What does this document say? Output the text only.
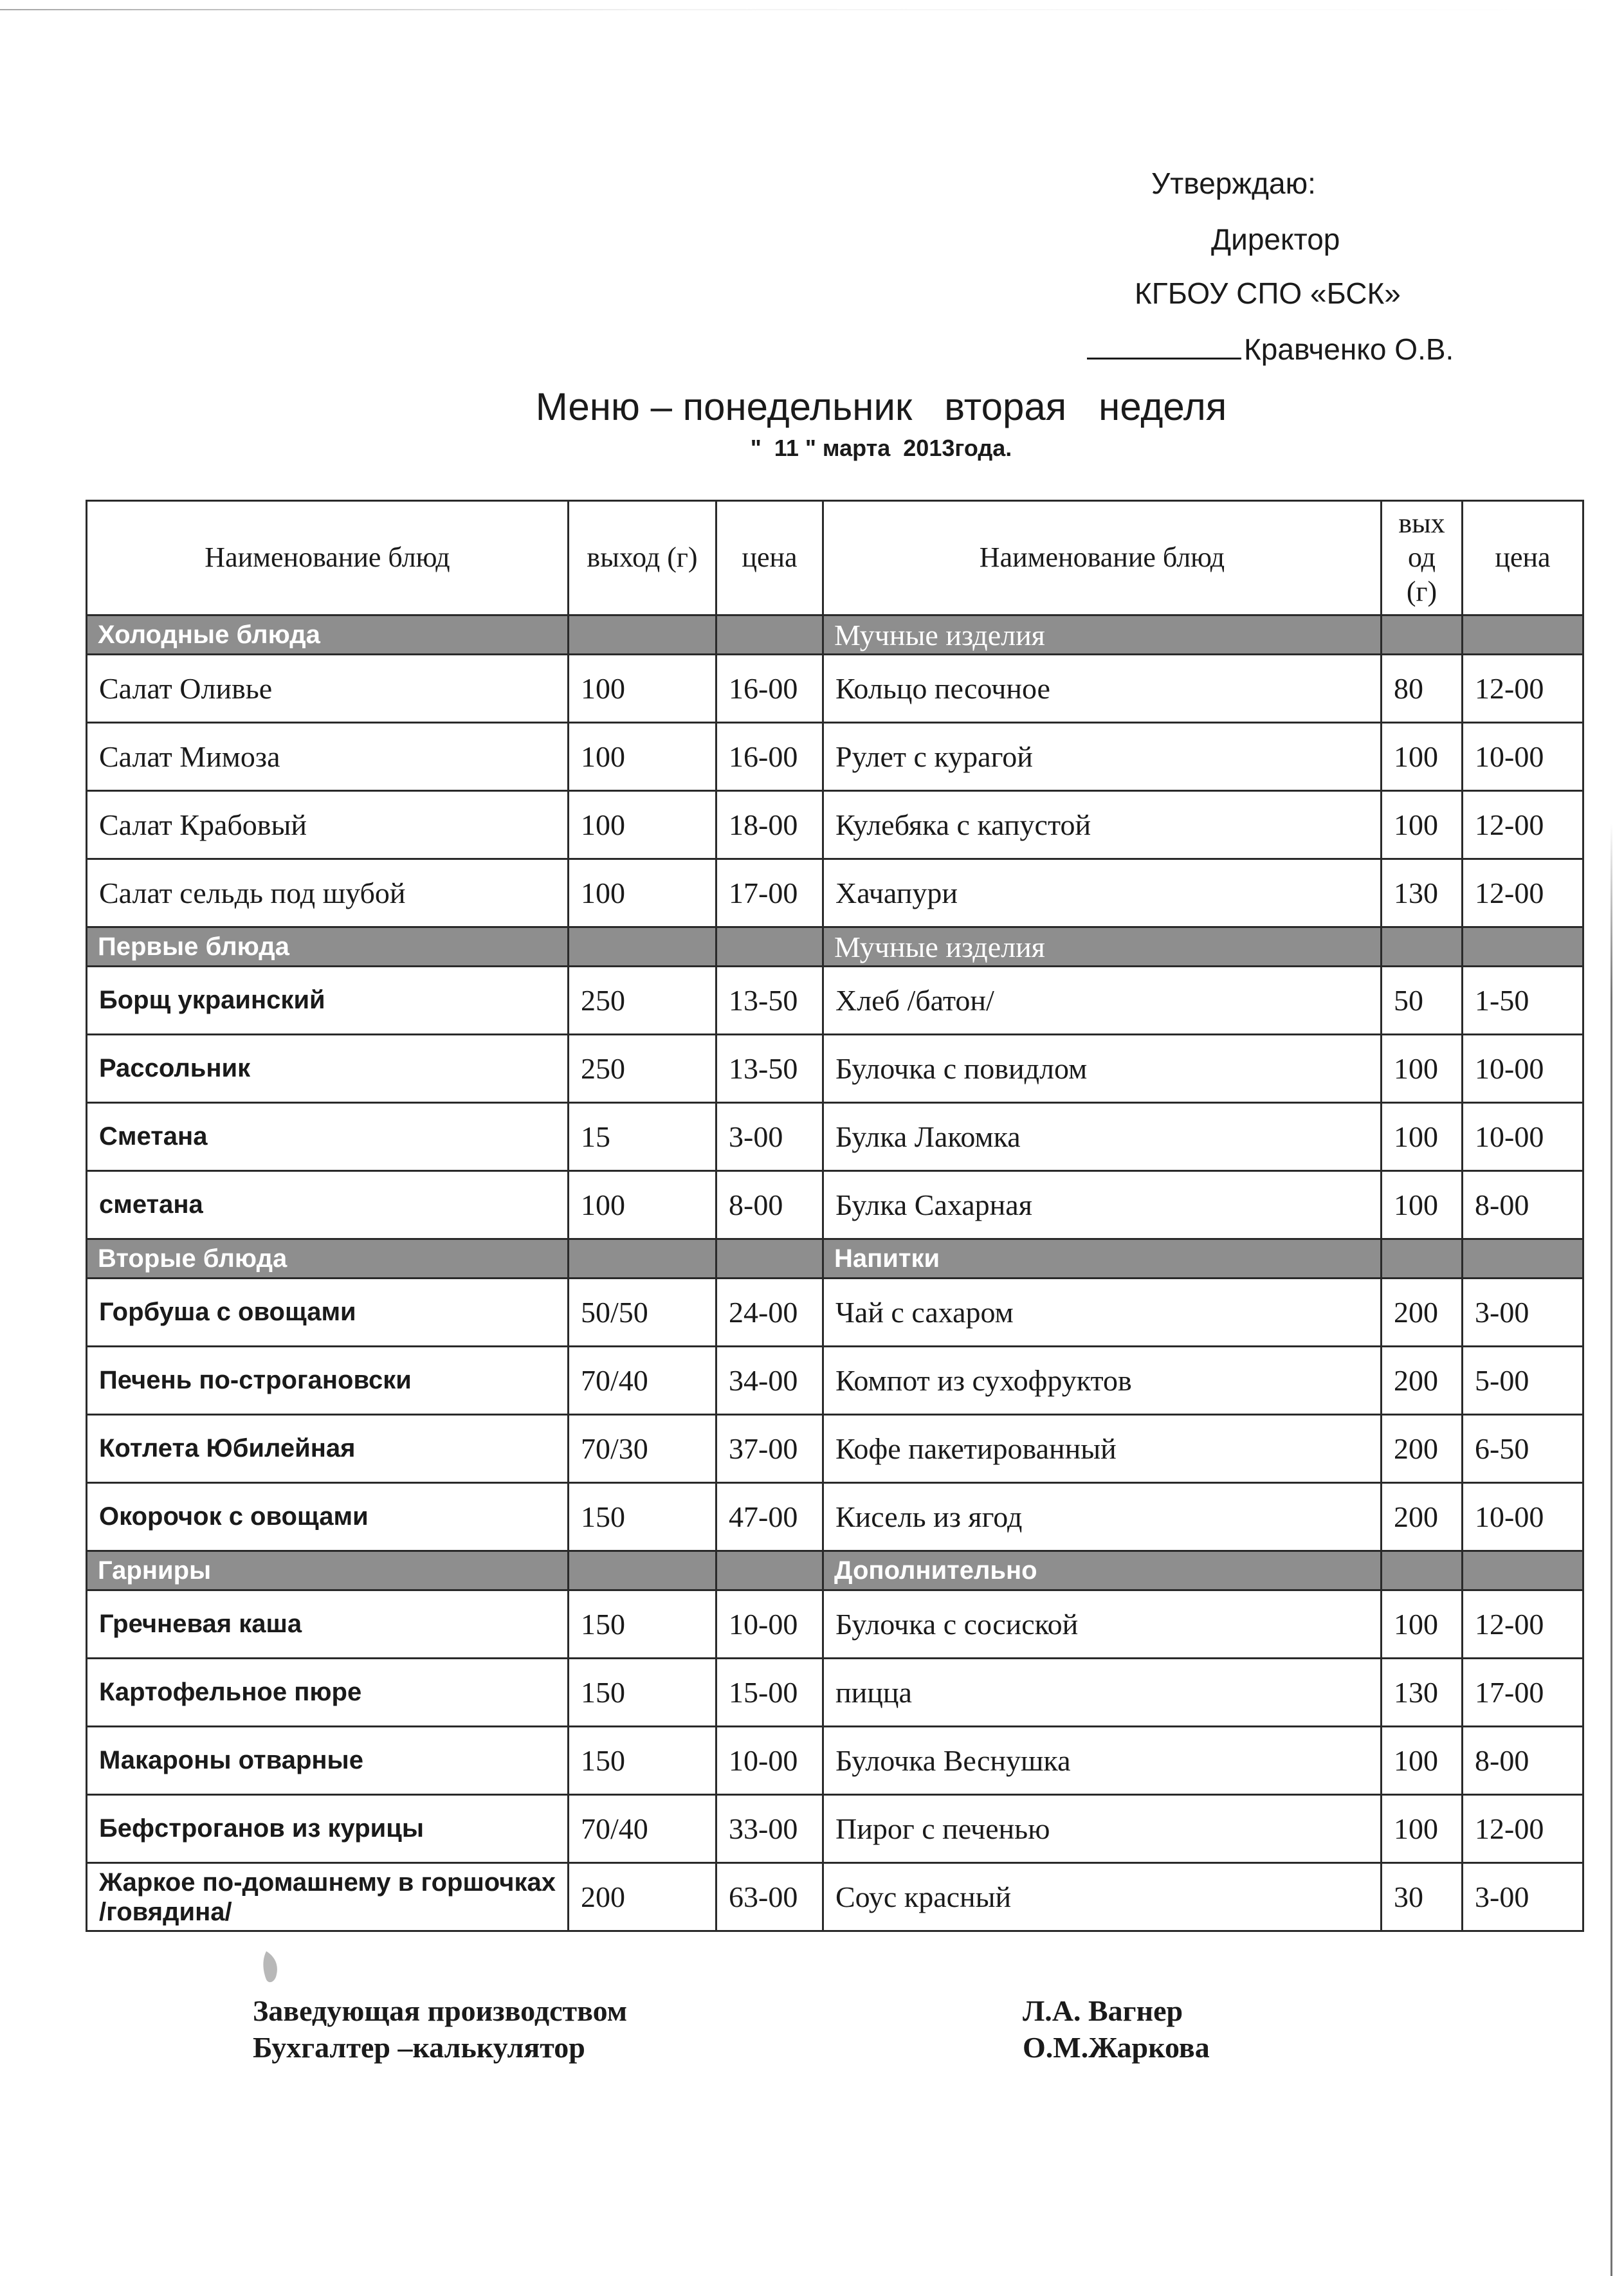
Утверждаю:
Директор
КГБОУ СПО «БСК»
Кравченко О.В.
Меню – понедельник   вторая   неделя
"  11 " марта  2013года.
Наименование блюд	выход (г)	цена	Наименование блюд	вых од (г)	цена
Холодные блюда			Мучные изделия		
Салат Оливье	100	16-00	Кольцо песочное	80	12-00
Салат Мимоза	100	16-00	Рулет с курагой	100	10-00
Салат Крабовый	100	18-00	Кулебяка с капустой	100	12-00
Салат сельдь под шубой	100	17-00	Хачапури	130	12-00
Первые блюда			Мучные изделия		
Борщ украинский	250	13-50	Хлеб /батон/	50	1-50
Рассольник	250	13-50	Булочка с повидлом	100	10-00
Сметана	15	3-00	Булка Лакомка	100	10-00
сметана	100	8-00	Булка Сахарная	100	8-00
Вторые блюда			Напитки		
Горбуша с овощами	50/50	24-00	Чай с сахаром	200	3-00
Печень по-строгановски	70/40	34-00	Компот из сухофруктов	200	5-00
Котлета Юбилейная	70/30	37-00	Кофе пакетированный	200	6-50
Окорочок с овощами	150	47-00	Кисель из ягод	200	10-00
Гарниры			Дополнительно		
Гречневая каша	150	10-00	Булочка с сосиской	100	12-00
Картофельное пюре	150	15-00	пицца	130	17-00
Макароны отварные	150	10-00	Булочка Веснушка	100	8-00
Бефстроганов из курицы	70/40	33-00	Пирог с печенью	100	12-00
Жаркое по-домашнему в горшочках /говядина/	200	63-00	Соус красный	30	3-00
Заведующая производством	Л.А. Вагнер
Бухгалтер –калькулятор	О.М.Жаркова
